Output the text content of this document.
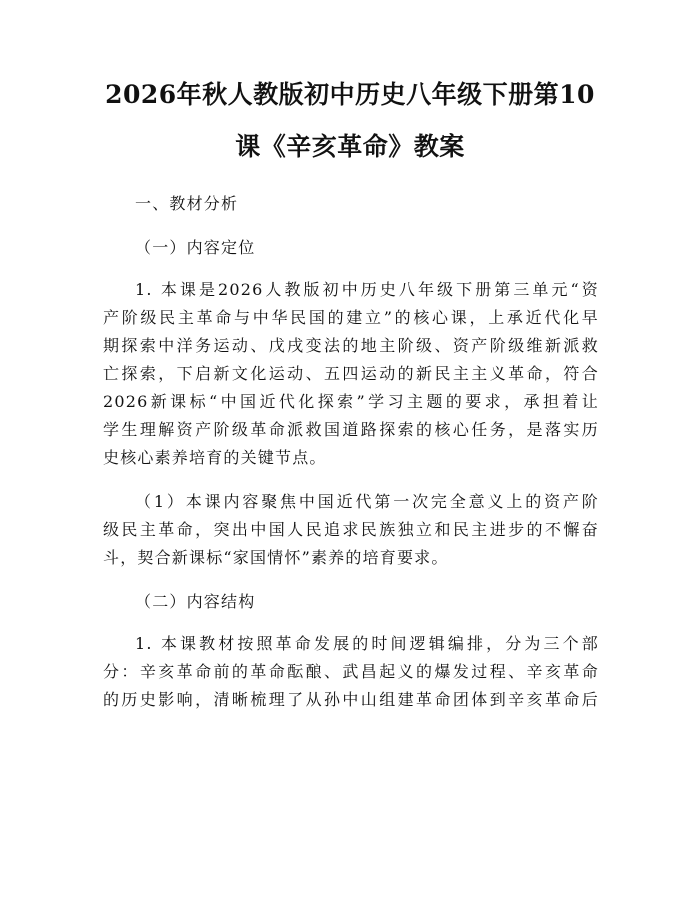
2026年秋人教版初中历史八年级下册第10
课《辛亥革命》教案

一、教材分析

（一）内容定位

1. 本课是2026人教版初中历史八年级下册第三单元“资
产阶级民主革命与中华民国的建立”的核心课，上承近代化早
期探索中洋务运动、戊戌变法的地主阶级、资产阶级维新派救
亡探索，下启新文化运动、五四运动的新民主主义革命，符合
2026新课标“中国近代化探索”学习主题的要求，承担着让
学生理解资产阶级革命派救国道路探索的核心任务，是落实历
史核心素养培育的关键节点。
（1）本课内容聚焦中国近代第一次完全意义上的资产阶
级民主革命，突出中国人民追求民族独立和民主进步的不懈奋
斗，契合新课标“家国情怀”素养的培育要求。

（二）内容结构

1. 本课教材按照革命发展的时间逻辑编排，分为三个部
分：辛亥革命前的革命酝酿、武昌起义的爆发过程、辛亥革命
的历史影响，清晰梳理了从孙中山组建革命团体到辛亥革命后
